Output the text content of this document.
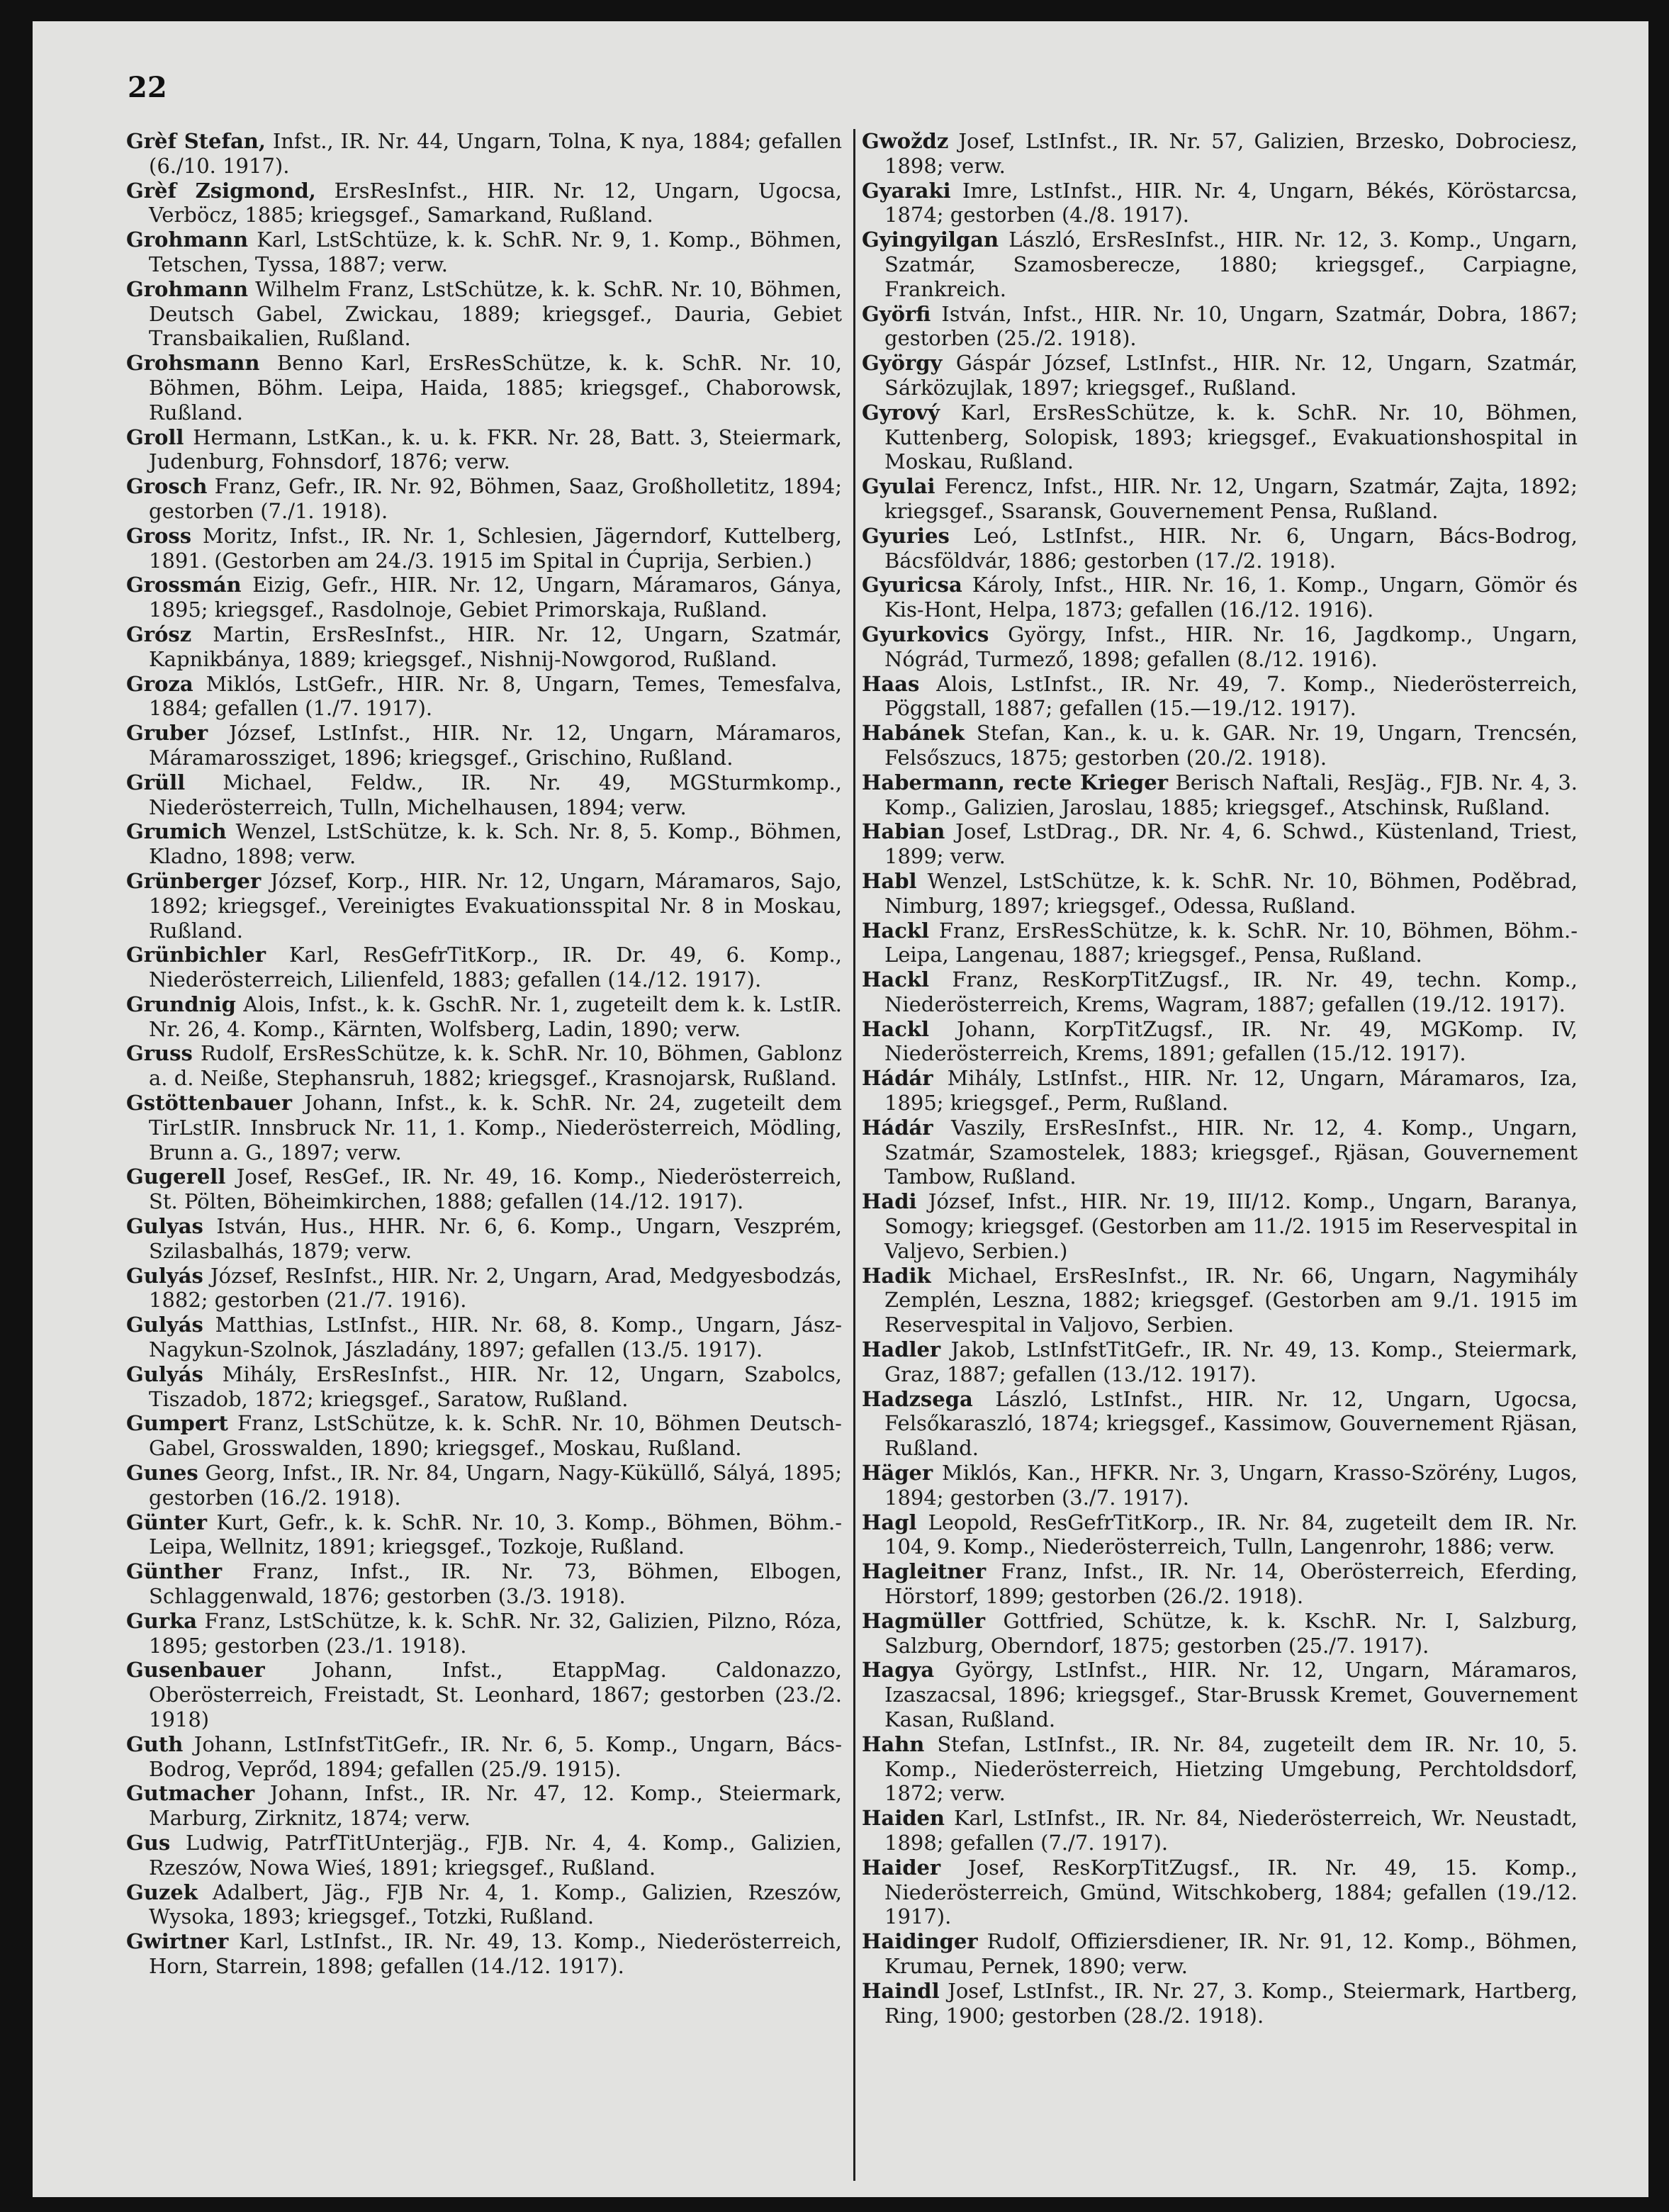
22

Grèf Stefan, Infst., IR. Nr. 44, Ungarn, Tolna, K nya, 1884; gefallen (6./10. 1917).

Grèf Zsigmond, ErsResInfst., HIR. Nr. 12, Ungarn, Ugocsa, Verböcz, 1885; kriegsgef., Samarkand, Rußland.

Grohmann Karl, LstSchtüze, k. k. SchR. Nr. 9, 1. Komp., Böhmen, Tetschen, Tyssa, 1887; verw.

Grohmann Wilhelm Franz, LstSchütze, k. k. SchR. Nr. 10, Böhmen, Deutsch Gabel, Zwickau, 1889; kriegsgef., Dauria, Gebiet Transbaikalien, Rußland.

Grohsmann Benno Karl, ErsResSchütze, k. k. SchR. Nr. 10, Böhmen, Böhm. Leipa, Haida, 1885; kriegsgef., Chaborowsk, Rußland.

Groll Hermann, LstKan., k. u. k. FKR. Nr. 28, Batt. 3, Steiermark, Judenburg, Fohnsdorf, 1876; verw.

Grosch Franz, Gefr., IR. Nr. 92, Böhmen, Saaz, Großholletitz, 1894; gestorben (7./1. 1918).

Gross Moritz, Infst., IR. Nr. 1, Schlesien, Jägerndorf, Kuttelberg, 1891. (Gestorben am 24./3. 1915 im Spital in Ćuprija, Serbien.)

Grossmán Eizig, Gefr., HIR. Nr. 12, Ungarn, Máramaros, Gánya, 1895; kriegsgef., Rasdolnoje, Gebiet Primorskaja, Rußland.

Grósz Martin, ErsResInfst., HIR. Nr. 12, Ungarn, Szatmár, Kapnikbánya, 1889; kriegsgef., Nishnij-Nowgorod, Rußland.

Groza Miklós, LstGefr., HIR. Nr. 8, Ungarn, Temes, Temesfalva, 1884; gefallen (1./7. 1917).

Gruber József, LstInfst., HIR. Nr. 12, Ungarn, Máramaros, Máramarossziget, 1896; kriegsgef., Grischino, Rußland.

Grüll Michael, Feldw., IR. Nr. 49, MGSturmkomp., Niederösterreich, Tulln, Michelhausen, 1894; verw.

Grumich Wenzel, LstSchütze, k. k. Sch. Nr. 8, 5. Komp., Böhmen, Kladno, 1898; verw.

Grünberger József, Korp., HIR. Nr. 12, Ungarn, Máramaros, Sajo, 1892; kriegsgef., Vereinigtes Evakuationsspital Nr. 8 in Moskau, Rußland.

Grünbichler Karl, ResGefrTitKorp., IR. Dr. 49, 6. Komp., Niederösterreich, Lilienfeld, 1883; gefallen (14./12. 1917).

Grundnig Alois, Infst., k. k. GschR. Nr. 1, zugeteilt dem k. k. LstIR. Nr. 26, 4. Komp., Kärnten, Wolfsberg, Ladin, 1890; verw.

Gruss Rudolf, ErsResSchütze, k. k. SchR. Nr. 10, Böhmen, Gablonz a. d. Neiße, Stephansruh, 1882; kriegsgef., Krasnojarsk, Rußland.

Gstöttenbauer Johann, Infst., k. k. SchR. Nr. 24, zugeteilt dem TirLstIR. Innsbruck Nr. 11, 1. Komp., Niederösterreich, Mödling, Brunn a. G., 1897; verw.

Gugerell Josef, ResGef., IR. Nr. 49, 16. Komp., Niederösterreich, St. Pölten, Böheimkirchen, 1888; gefallen (14./12. 1917).

Gulyas István, Hus., HHR. Nr. 6, 6. Komp., Ungarn, Veszprém, Szilasbalhás, 1879; verw.

Gulyás József, ResInfst., HIR. Nr. 2, Ungarn, Arad, Medgyesbodzás, 1882; gestorben (21./7. 1916).

Gulyás Matthias, LstInfst., HIR. Nr. 68, 8. Komp., Ungarn, Jász-Nagykun-Szolnok, Jászladány, 1897; gefallen (13./5. 1917).

Gulyás Mihály, ErsResInfst., HIR. Nr. 12, Ungarn, Szabolcs, Tiszadob, 1872; kriegsgef., Saratow, Rußland.

Gumpert Franz, LstSchütze, k. k. SchR. Nr. 10, Böhmen Deutsch-Gabel, Grosswalden, 1890; kriegsgef., Moskau, Rußland.

Gunes Georg, Infst., IR. Nr. 84, Ungarn, Nagy-Küküllő, Sályá, 1895; gestorben (16./2. 1918).

Günter Kurt, Gefr., k. k. SchR. Nr. 10, 3. Komp., Böhmen, Böhm.-Leipa, Wellnitz, 1891; kriegsgef., Tozkoje, Rußland.

Günther Franz, Infst., IR. Nr. 73, Böhmen, Elbogen, Schlaggenwald, 1876; gestorben (3./3. 1918).

Gurka Franz, LstSchütze, k. k. SchR. Nr. 32, Galizien, Pilzno, Róza, 1895; gestorben (23./1. 1918).

Gusenbauer Johann, Infst., EtappMag. Caldonazzo, Oberösterreich, Freistadt, St. Leonhard, 1867; gestorben (23./2. 1918)

Guth Johann, LstInfstTitGefr., IR. Nr. 6, 5. Komp., Ungarn, Bács-Bodrog, Veprőd, 1894; gefallen (25./9. 1915).

Gutmacher Johann, Infst., IR. Nr. 47, 12. Komp., Steiermark, Marburg, Zirknitz, 1874; verw.

Gus Ludwig, PatrfTitUnterjäg., FJB. Nr. 4, 4. Komp., Galizien, Rzeszów, Nowa Wieś, 1891; kriegsgef., Rußland.

Guzek Adalbert, Jäg., FJB Nr. 4, 1. Komp., Galizien, Rzeszów, Wysoka, 1893; kriegsgef., Totzki, Rußland.

Gwirtner Karl, LstInfst., IR. Nr. 49, 13. Komp., Niederösterreich, Horn, Starrein, 1898; gefallen (14./12. 1917).

Gwoždz Josef, LstInfst., IR. Nr. 57, Galizien, Brzesko, Dobrociesz, 1898; verw.

Gyaraki Imre, LstInfst., HIR. Nr. 4, Ungarn, Békés, Köröstarcsa, 1874; gestorben (4./8. 1917).

Gyingyilgan László, ErsResInfst., HIR. Nr. 12, 3. Komp., Ungarn, Szatmár, Szamosberecze, 1880; kriegsgef., Carpiagne, Frankreich.

Györfi István, Infst., HIR. Nr. 10, Ungarn, Szatmár, Dobra, 1867; gestorben (25./2. 1918).

György Gáspár József, LstInfst., HIR. Nr. 12, Ungarn, Szatmár, Sárközujlak, 1897; kriegsgef., Rußland.

Gyrový Karl, ErsResSchütze, k. k. SchR. Nr. 10, Böhmen, Kuttenberg, Solopisk, 1893; kriegsgef., Evakuationshospital in Moskau, Rußland.

Gyulai Ferencz, Infst., HIR. Nr. 12, Ungarn, Szatmár, Zajta, 1892; kriegsgef., Ssaransk, Gouvernement Pensa, Rußland.

Gyuries Leó, LstInfst., HIR. Nr. 6, Ungarn, Bács-Bodrog, Bácsföldvár, 1886; gestorben (17./2. 1918).

Gyuricsa Károly, Infst., HIR. Nr. 16, 1. Komp., Ungarn, Gömör és Kis-Hont, Helpa, 1873; gefallen (16./12. 1916).

Gyurkovics György, Infst., HIR. Nr. 16, Jagdkomp., Ungarn, Nógrád, Turmező, 1898; gefallen (8./12. 1916).

Haas Alois, LstInfst., IR. Nr. 49, 7. Komp., Niederösterreich, Pöggstall, 1887; gefallen (15.—19./12. 1917).

Habánek Stefan, Kan., k. u. k. GAR. Nr. 19, Ungarn, Trencsén, Felsőszucs, 1875; gestorben (20./2. 1918).

Habermann, recte Krieger Berisch Naftali, ResJäg., FJB. Nr. 4, 3. Komp., Galizien, Jaroslau, 1885; kriegsgef., Atschinsk, Rußland.

Habian Josef, LstDrag., DR. Nr. 4, 6. Schwd., Küstenland, Triest, 1899; verw.

Habl Wenzel, LstSchütze, k. k. SchR. Nr. 10, Böhmen, Poděbrad, Nimburg, 1897; kriegsgef., Odessa, Rußland.

Hackl Franz, ErsResSchütze, k. k. SchR. Nr. 10, Böhmen, Böhm.-Leipa, Langenau, 1887; kriegsgef., Pensa, Rußland.

Hackl Franz, ResKorpTitZugsf., IR. Nr. 49, techn. Komp., Niederösterreich, Krems, Wagram, 1887; gefallen (19./12. 1917).

Hackl Johann, KorpTitZugsf., IR. Nr. 49, MGKomp. IV, Niederösterreich, Krems, 1891; gefallen (15./12. 1917).

Hádár Mihály, LstInfst., HIR. Nr. 12, Ungarn, Máramaros, Iza, 1895; kriegsgef., Perm, Rußland.

Hádár Vaszily, ErsResInfst., HIR. Nr. 12, 4. Komp., Ungarn, Szatmár, Szamostelek, 1883; kriegsgef., Rjäsan, Gouvernement Tambow, Rußland.

Hadi József, Infst., HIR. Nr. 19, III/12. Komp., Ungarn, Baranya, Somogy; kriegsgef. (Gestorben am 11./2. 1915 im Reservespital in Valjevo, Serbien.)

Hadik Michael, ErsResInfst., IR. Nr. 66, Ungarn, Nagymihály Zemplén, Leszna, 1882; kriegsgef. (Gestorben am 9./1. 1915 im Reservespital in Valjovo, Serbien.

Hadler Jakob, LstInfstTitGefr., IR. Nr. 49, 13. Komp., Steiermark, Graz, 1887; gefallen (13./12. 1917).

Hadzsega László, LstInfst., HIR. Nr. 12, Ungarn, Ugocsa, Felsőkaraszló, 1874; kriegsgef., Kassimow, Gouvernement Rjäsan, Rußland.

Häger Miklós, Kan., HFKR. Nr. 3, Ungarn, Krasso-Szörény, Lugos, 1894; gestorben (3./7. 1917).

Hagl Leopold, ResGefrTitKorp., IR. Nr. 84, zugeteilt dem IR. Nr. 104, 9. Komp., Niederösterreich, Tulln, Langenrohr, 1886; verw.

Hagleitner Franz, Infst., IR. Nr. 14, Oberösterreich, Eferding, Hörstorf, 1899; gestorben (26./2. 1918).

Hagmüller Gottfried, Schütze, k. k. KschR. Nr. I, Salzburg, Salzburg, Oberndorf, 1875; gestorben (25./7. 1917).

Hagya György, LstInfst., HIR. Nr. 12, Ungarn, Máramaros, Izaszacsal, 1896; kriegsgef., Star-Brussk Kremet, Gouvernement Kasan, Rußland.

Hahn Stefan, LstInfst., IR. Nr. 84, zugeteilt dem IR. Nr. 10, 5. Komp., Niederösterreich, Hietzing Umgebung, Perchtoldsdorf, 1872; verw.

Haiden Karl, LstInfst., IR. Nr. 84, Niederösterreich, Wr. Neustadt, 1898; gefallen (7./7. 1917).

Haider Josef, ResKorpTitZugsf., IR. Nr. 49, 15. Komp., Niederösterreich, Gmünd, Witschkoberg, 1884; gefallen (19./12. 1917).

Haidinger Rudolf, Offiziersdiener, IR. Nr. 91, 12. Komp., Böhmen, Krumau, Pernek, 1890; verw.

Haindl Josef, LstInfst., IR. Nr. 27, 3. Komp., Steiermark, Hartberg, Ring, 1900; gestorben (28./2. 1918).
